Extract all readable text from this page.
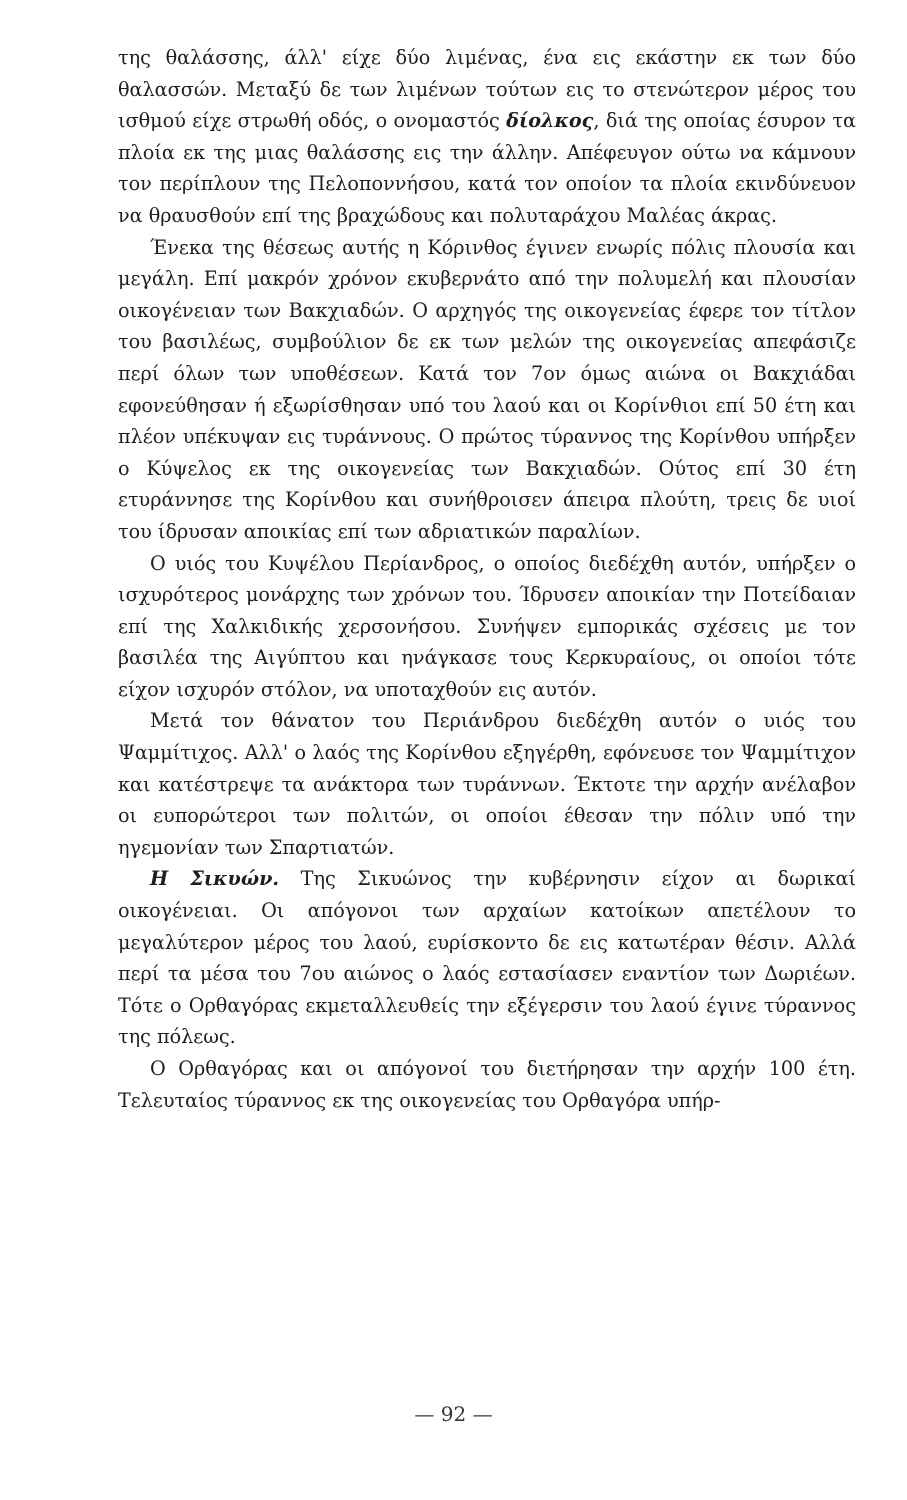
της θαλάσσης, άλλ' είχε δύο λιμένας, ένα εις εκάστην εκ των δύο θαλασσών. Μεταξύ δε των λιμένων τούτων εις το στενώτερον μέρος του ισθμού είχε στρωθή οδός, ο ονομαστός δίολκος, διά της οποίας έσυρον τα πλοία εκ της μιας θαλάσσης εις την άλλην. Απέφευγον ούτω να κάμνουν τον περίπλουν της Πελοποννήσου, κατά τον οποίον τα πλοία εκινδύνευον να θραυσθούν επί της βραχώδους και πολυταράχου Μαλέας άκρας.

Ένεκα της θέσεως αυτής η Κόρινθος έγινεν ενωρίς πόλις πλουσία και μεγάλη. Επί μακρόν χρόνον εκυβερνάτο από την πολυμελή και πλουσίαν οικογένειαν των Βακχιαδών. Ο αρχηγός της οικογενείας έφερε τον τίτλον του βασιλέως, συμβούλιον δε εκ των μελών της οικογενείας απεφάσιζε περί όλων των υποθέσεων. Κατά τον 7ον όμως αιώνα οι Βακχιάδαι εφονεύθησαν ή εξωρίσθησαν υπό του λαού και οι Κορίνθιοι επί 50 έτη και πλέον υπέκυψαν εις τυράννους. Ο πρώτος τύραννος της Κορίνθου υπήρξεν ο Κύψελος εκ της οικογενείας των Βακχιαδών. Ούτος επί 30 έτη ετυράννησε της Κορίνθου και συνήθροισεν άπειρα πλούτη, τρεις δε υιοί του ίδρυσαν αποικίας επί των αδριατικών παραλίων.

Ο υιός του Κυψέλου Περίανδρος, ο οποίος διεδέχθη αυτόν, υπήρξεν ο ισχυρότερος μονάρχης των χρόνων του. Ίδρυσεν αποικίαν την Ποτείδαιαν επί της Χαλκιδικής χερσονήσου. Συνήψεν εμπορικάς σχέσεις με τον βασιλέα της Αιγύπτου και ηνάγκασε τους Κερκυραίους, οι οποίοι τότε είχον ισχυρόν στόλον, να υποταχθούν εις αυτόν.

Μετά τον θάνατον του Περιάνδρου διεδέχθη αυτόν ο υιός του Ψαμμίτιχος. Αλλ' ο λαός της Κορίνθου εξηγέρθη, εφόνευσε τον Ψαμμίτιχον και κατέστρεψε τα ανάκτορα των τυράννων. Έκτοτε την αρχήν ανέλαβον οι ευπορώτεροι των πολιτών, οι οποίοι έθεσαν την πόλιν υπό την ηγεμονίαν των Σπαρτιατών.

Η Σικυών. Της Σικυώνος την κυβέρνησιν είχον αι δωρικαί οικογένειαι. Οι απόγονοι των αρχαίων κατοίκων απετέλουν το μεγαλύτερον μέρος του λαού, ευρίσκοντο δε εις κατωτέραν θέσιν. Αλλά περί τα μέσα του 7ου αιώνος ο λαός εστασίασεν εναντίον των Δωριέων. Τότε ο Ορθαγόρας εκμεταλλευθείς την εξέγερσιν του λαού έγινε τύραννος της πόλεως.

Ο Ορθαγόρας και οι απόγονοί του διετήρησαν την αρχήν 100 έτη. Τελευταίος τύραννος εκ της οικογενείας του Ορθαγόρα υπήρ-

— 92 —
